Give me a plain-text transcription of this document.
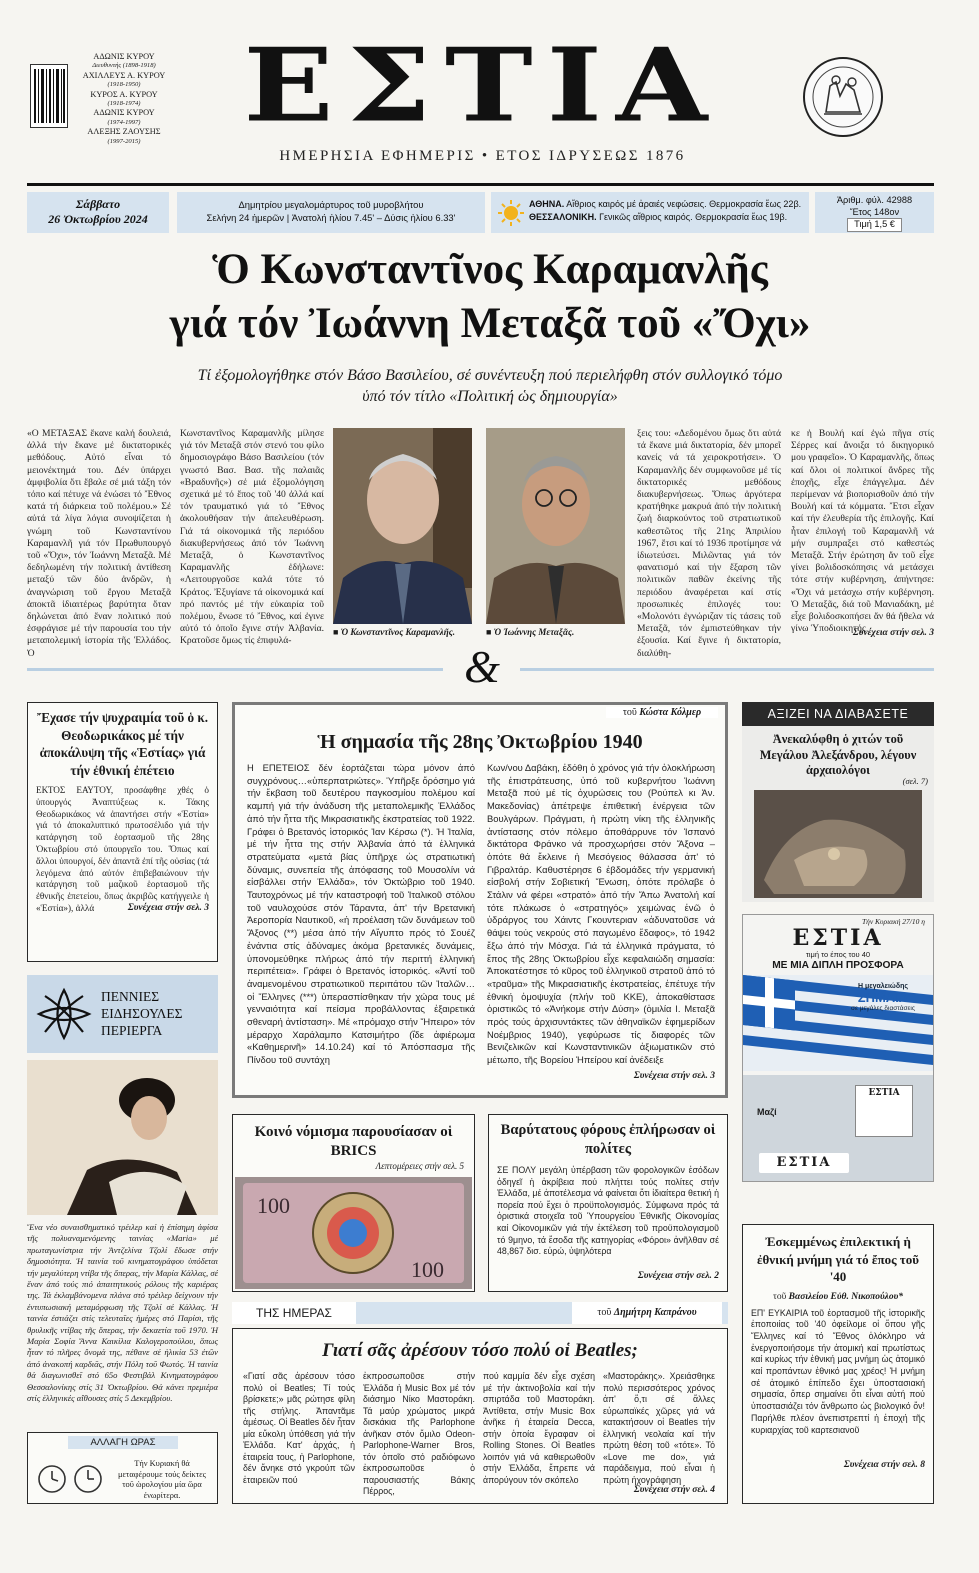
ΑΔΩΝΙΣ ΚΥΡΟΥ
Διευθυντής (1898-1918)
ΑΧΙΛΛΕΥΣ Α. ΚΥΡΟΥ
(1918-1950)
ΚΥΡΟΣ Α. ΚΥΡΟΥ
(1918-1974)
ΑΔΩΝΙΣ ΚΥΡΟΥ
(1974-1997)
ΑΛΕΞΗΣ ΖΑΟΥΣΗΣ
(1997-2015) ΕΣΤΙΑ
ΗΜΕΡΗΣΙΑ ΕΦΗΜΕΡΙΣ • ΕΤΟΣ ΙΔΡΥΣΕΩΣ 1876
Σάββατο
26 Ὀκτωβρίου 2024
Δημητρίου μεγαλομάρτυρος τοῦ μυροβλήτου
Σελήνη 24 ἡμερῶν | Ἀνατολή ἡλίου 7.45' – Δύσις ἡλίου 6.33'
ΑΘΗΝΑ. Αἴθριος καιρός μέ ἀραιές νεφώσεις. Θερμοκρασία ἕως 22β.
ΘΕΣΣΑΛΟΝΙΚΗ. Γενικῶς αἴθριος καιρός. Θερμοκρασία ἕως 19β.
Ἀριθμ. φύλ. 42988
Ἔτος 148ον
Τιμή 1,5 €
Ὁ Κωνσταντῖνος Καραμανλῆς
γιά τόν Ἰωάννη Μεταξᾶ τοῦ «Ὄχι»
Τί ἐξομολογήθηκε στόν Βάσο Βασιλείου, σέ συνέντευξη πού περιελήφθη στόν συλλογικό τόμο
ὑπό τόν τίτλο «Πολιτική ὡς δημιουργία»

«Ο ΜΕΤΑΞΑΣ ἔκανε καλή δουλειά, ἀλλά τήν ἔκανε μέ δικτατορικές μεθόδους. Αὐτό εἶναι τό μειονέκτημά του. Δέν ὑπάρχει ἀμφιβολία ὅτι ἔβαλε σέ μιά τάξη τόν τόπο καί πέτυχε νά ἐνώσει τό Ἔθνος κατά τή διάρκεια τοῦ πολέμου.» Σέ αὐτά τά λίγα λόγια συνοψίζεται ἡ γνώμη τοῦ Κωνσταντίνου Καραμανλῆ γιά τόν Πρωθυπουργό τοῦ «Ὄχι», τόν Ἰωάννη Μεταξᾶ. Μέ δεδηλωμένη τήν πολιτική ἀντίθεση μεταξύ τῶν δύο ἀνδρῶν, ἡ ἀναγνώριση τοῦ ἔργου Μεταξᾶ ἀποκτᾶ ἰδιαιτέρως βαρύτητα ὅταν δηλώνεται ἀπό ἕναν πολιτικό πού ἐσφράγισε μέ τήν παρουσία του τήν μεταπολεμική ἱστορία τῆς Ἑλλάδος. Ὁ

Κωνσταντῖνος Καραμανλῆς μίλησε γιά τόν Μεταξᾶ στόν στενό του φίλο δημοσιογράφο Βάσο Βασιλείου (τόν γνωστό Βασ. Βασ. τῆς παλαιᾶς «Βραδυνῆς») σέ μιά ἐξομολόγηση σχετικά μέ τό ἔπος τοῦ '40 ἀλλά καί τόν τραυματικό γιά τό Ἔθνος ἀκολουθήσαν τήν ἀπελευθέρωση. Γιά τά οἰκονομικά τῆς περιόδου διακυβερνήσεως ἀπό τόν Ἰωάννη Μεταξᾶ, ὁ Κωνσταντῖνος Καραμανλῆς ἐδήλωνε: «Λειτουργοῦσε καλά τότε τό Κράτος. Ἐξυγίανε τά οἰκονομικά καί πρό παντός μέ τήν εὐκαιρία τοῦ πολέμου, ἕνωσε τό Ἔθνος, καί ἐγινε αὐτό τό ὁποῖο ἔγινε στήν Ἀλβανία. Κρατοῦσε ὅμως τίς ἐπιφυλά-

■ Ὁ Κωνσταντῖνος Καραμανλῆς.	■ Ὁ Ἰωάννης Μεταξᾶς.

ξεις του: «Δεδομένου ὅμως ὅτι αὐτά τά ἔκανε μιά δικτατορία, δέν μπορεῖ κανείς νά τά χειροκροτήσει». Ὁ Καραμανλῆς δέν συμφωνοῦσε μέ τίς δικτατορικές μεθόδους διακυβερνήσεως. Ὅπως ἀργότερα κρατήθηκε μακρυά ἀπό τήν πολιτική ζωή διαρκούντος τοῦ στρατιωτικοῦ καθεστῶτος τῆς 21ης Ἀπριλίου 1967, ἔτσι καί τό 1936 προτίμησε νά ἰδιωτεύσει. Μιλῶντας γιά τόν φανατισμό καί τήν ἔξαρση τῶν πολιτικῶν παθῶν ἐκείνης τῆς περιόδου ἀναφέρεται καί στίς προσωπικές ἐπιλογές του: «Μολονότι ἐγνώριζαν τίς τάσεις τοῦ Μεταξᾶ, τόν ἐμπιστεύθηκαν τήν ἐξουσία. Καί ἔγινε ἡ δικτατορία, διαλύθη-

κε ἡ Βουλή καί ἐγώ πῆγα στίς Σέρρες καί ἄνοιξα τό δικηγορικό μου γραφεῖο». Ὁ Καραμανλῆς, ὅπως καί ὅλοι οἱ πολιτικοί ἄνδρες τῆς ἐποχῆς, εἶχε ἐπάγγελμα. Δέν περίμεναν νά βιοπορισθοῦν ἀπό τήν Βουλή καί τά κόμματα. Ἔτσι εἶχαν καί τήν ἐλευθερία τῆς ἐπιλογῆς. Καί ἦταν ἐπιλογή τοῦ Καραμανλῆ νά μήν συμπραξει στό καθεστώς Μεταξᾶ. Στήν ἐρώτηση ἄν τοῦ εἶχε γίνει βολιδοσκόπησις νά μετάσχει τότε στήν κυβέρνηση, ἀπήντησε: «Ὄχι νά μετάσχω στήν κυβέρνηση. Ὁ Μεταξᾶς, διά τοῦ Μανιαδάκη, μέ εἶχε βολιδοσκοπήσει ἄν θά ἤθελα νά γίνω Ὑποδιοικητής

Συνέχεια στήν σελ. 3
&
Ἔχασε τήν ψυχραιμία τοῦ ὁ κ. Θεοδωρικάκος μέ τήν ἀποκάλυψη τῆς «Ἑστίας» γιά τήν ἐθνική ἐπέτειο

ΕΚΤΟΣ ΕΑΥΤΟΥ, προσάφθηε χθές ὁ ὑπουργός Ἀναπτύξεως κ. Τάκης Θεοδωρικάκος νά ἀπαντήσει στήν «Ἑστία» γιά τό ἀποκαλυπτικό πρωτοσέλιδο γιά τήν κατάργηση τοῦ ἑορτασμοῦ τῆς 28ης Ὀκτωβρίου στό ὑπουργεῖο του. Ὅπως καί ἄλλοι ὑπουργοί, δέν ἀπαντᾶ ἐπί τῆς οὐσίας (τά λεγόμενα ἀπό αὐτόν ἐπιβεβαιώνουν τήν κατάργηση τοῦ μαζικοῦ ἑορτασμοῦ τῆς ἐθνικῆς ἐπετείου, ὅπως ἀκριβῶς κατήγγειλε ἡ «Ἑστία»), ἀλλά	Συνέχεια στήν σελ. 3
ΠΕΝΝΙΕΣ
ΕΙΔΗΣΟΥΛΕΣ
ΠΕΡΙΕΡΓΑ

Ἕνα νέο συναισθηματικό τρέιλερ καί ἡ ἐπίσημη ἀφίσα τῆς πολυαναμενόμενης ταινίας «Maria» μέ πρωταγωνίστρια τήν Ἀντζελίνα Τζολί ἔδωσε στήν δημοσιότητα. Ἡ ταινία τοῦ κινηματογράφου ὑπόδεται τήν μεγαλύτερη ντίβα τῆς ὄπερας, τήν Μαρία Κάλλας, σέ ἕναν ἀπό τούς πιό ἀπαιτητικούς ρόλους τῆς καριέρας της. Τά ἐκλαμβάνομενα πλάνα στό τρέιλερ δείχνουν τήν ἐντυπωσιακή μεταμόρφωση τῆς Τζολί σέ Κάλλας. Ἡ ταινία ἐστιάζει στίς τελευταῖες ἡμέρες στό Παρίσι, τῆς θρυλικῆς ντίβας τῆς ὄπερας, τήν δεκαετία τοῦ 1970. Ἡ Μαρία Σοφία Ἄννα Καικίλια Καλογεροπούλου, ὅπως ἦταν τό πλῆρες ὄνομά της, πέθανε σέ ἡλικία 53 ἐτῶν ἀπό ἀνακοπή καρδιᾶς, στήν Πόλη τοῦ Φωτός. Ἡ ταινία θά διαγωνισθεῖ στό 65ο Φεστιβάλ Κινηματογράφου Θεσσαλονίκης στίς 31 Ὀκτωβρίου. Θά κάνει πρεμιέρα στίς ἑλληνικές αἴθουσες στίς 5 Δεκεμβρίου.

ΑΛΛΑΓΗ ΩΡΑΣ
Τήν Κυριακή θά μεταφέρουμε τούς δείκτες τοῦ ὡρολογίου μία ὥρα ἐνωρίτερα.
τοῦ Κώστα Κόλμερ
Ἡ σημασία τῆς 28ης Ὀκτωβρίου 1940

Η ΕΠΕΤΕΙΟΣ δέν ἑορτάζεται τώρα μόνον ἀπό συγχρόνους…«ὑπερπατριώτες». Ὑπῆρξε ὄρόσημο γιά τήν ἔκβαση τοῦ δευτέρου παγκοσμίου πολέμου καί καμπή γιά τήν ἀνάδυση τῆς μεταπολεμικῆς Ἑλλάδος ἀπό τήν ἧττα τῆς Μικρασιατικῆς ἐκστρατείας τοῦ 1922. Γράφει ὁ Βρετανός ἱστορικός Ἰαν Κέρσω (*). Ἡ Ἰταλία, μέ τήν ἧττα της στήν Ἀλβανία ἀπό τά ἑλληνικά στρατεύματα «μετά βίας ὑπῆρχε ὡς στρατιωτική δύναμις, συνεπεία τῆς ἀπόφασης τοῦ Μουσολίνι νά εἰσβάλλει στήν Ἑλλάδα», τόν Ὀκτώβριο τοῦ 1940. Ταυτοχρόνως μέ τήν καταστροφή τοῦ Ἰταλικοῦ στόλου τοῦ ναυλοχούσε στόν Τάραντα, ἀπ' τήν Βρετανική Ἀεροπορία Ναυτικοῦ, «ἡ προέλαση τῶν δυνάμεων τοῦ Ἄξονος (**) μέσα ἀπό τήν Αἴγυπτο πρός τό Σουέζ ἐνάντια στίς ἀδύναμες ἀκόμα βρετανικές δυνάμεις, ὑπονομεύθηκε πλήρως ἀπό τήν περιττή ἑλληνική περιπέτεια». Γράφει ὁ Βρετανός ἱστορικός. «Ἀντί τοῦ ἀναμενομένου στρατιωτικοῦ περιπάτου τῶν Ἰταλῶν… οἱ Ἕλληνες (***) ὑπερασπίσθηκαν τήν χώρα τους μέ γενναιότητα καί πείσμα προβάλλοντας ἐξαιρετικά σθεναρή ἀντίσταση». Μέ «πρόμαχο στήν Ἤπειρο» τόν μέραρχο Χαράλαμπο Κατσιμήτρο (ἴδε ἀφιέρωμα «Καθημερινῆ» 14.10.24) καί τό Ἀπόσπασμα τῆς Πίνδου τοῦ συντάχη

Κων/νου Δαβάκη, ἐδόθη ὁ χρόνος γιά τήν ὁλοκλήρωση τῆς ἐπιστράτευσης, ὑπό τοῦ κυβερνήτου Ἰωάννη Μεταξᾶ πού μέ τίς ὀχυρώσεις του (Ρούπελ κι Ἀν. Μακεδονίας) ἀπέτρεψε ἐπιθετική ἐνέργεια τῶν Βουλγάρων. Πράγματι, ἡ πρώτη νίκη τῆς ἑλληνικῆς ἀντίστασης στόν πόλεμο ἀποθάρρυνε τόν Ἰσπανό δικτάτορα Φράνκο νά προσχωρήσει στόν Ἄξονα –ὁπότε θά ἔκλεινε ἡ Μεσόγειος θάλασσα ἀπ' τό Γιβραλτάρ. Καθυστέρησε 6 ἑβδομάδες τήν γερμανική εἰσβολή στήν Σοβιετική Ἕνωση, ὁπότε πρόλαβε ὁ Στάλιν νά φέρει «στρατό» ἀπό τήν Ἄπω Ἀνατολή καί τότε πλάκωσε ὁ «στρατηγός» χειμώνας ἐνῶ ὁ ὑδράργος του Χάιντς Γκουντεριαν «ἀδυνατοῦσε νά θάψει τούς νεκρούς στό παγωμένο ἔδαφος», τό 1942 ἔξω ἀπό τήν Μόσχα. Γιά τά ἑλληνικά πράγματα, τό ἔπος τῆς 28ης Ὀκτωβρίου εἶχε κεφαλαιώδη σημασία: Ἀποκατέστησε τό κῦρος τοῦ ἑλληνικοῦ στρατοῦ ἀπό τό «τραῦμα» τῆς Μικρασιατικῆς ἐκστρατείας, ἐπέτυχε τήν ἐθνική ὁμοψυχία (πλήν τοῦ ΚΚΕ), ἀποκαθίστασε ὁριστικῶς τό «Ἀνήκομε στήν Δύση» (ὁμιλία Ι. Μεταξᾶ πρός τούς ἀρχισυντάκτες τῶν ἀθηναϊκῶν ἐφημερίδων Νοέμβριος 1940), γεφύρωσε τίς διαφορές τῶν Βενιζελικῶν καί Κωνσταντινικῶν ἀξιωματικῶν στό μέτωπο, τῆς Βορείου Ἠπείρου καί ἀνέδειξε

Συνέχεια στήν σελ. 3
Κοινό νόμισμα παρουσίασαν οἱ BRICS
Λεπτομέρειες στήν σελ. 5
100
100
Βαρύτατους φόρους ἐπλήρωσαν οἱ πολίτες

ΣΕ ΠΟΛΥ μεγάλη ὑπέρβαση τῶν φορολογικῶν ἐσόδων ὁδηγεῖ ἡ ἀκρίβεια πού πλήττει τούς πολίτες στήν Ἑλλάδα, μέ ἀποτέλεσμα νά φαίνεται ὅτι ἰδιαίτερα θετική ἡ πορεία πού ἔχει ὁ προϋπολογισμός. Σύμφωνα πρός τά ὁριστικά στοιχεῖα τοῦ Ὑπουργείου Ἐθνικῆς Οἰκονομίας καί Οἰκονομικῶν γιά τήν ἐκτέλεση τοῦ προϋπολογισμοῦ τό 9μηνο, τά ἔσοδα τῆς κατηγορίας «Φόροι» ἀνῆλθαν σέ 48,867 δισ. εὐρώ, ὑψηλότερα

Συνέχεια στήν σελ. 2
ΤΗΣ ΗΜΕΡΑΣ	τοῦ Δημήτρη Καπράνου
Γιατί σᾶς ἀρέσουν τόσο πολύ οἱ Beatles;

«Γιατί σᾶς ἀρέσουν τόσο πολύ οἱ Beatles; Τί τούς βρίσκετε;» μᾶς ρώτησε φίλη τῆς στήλης. Ἀπαντᾶμε ἀμέσως. Οἱ Beatles δέν ἦταν μία εὔκολη ὑπόθεση γιά τήν Ἑλλάδα. Κατ' ἀρχάς, ἡ ἑταιρεία τους, ἡ Parlophone, δέν ἄνηκε στό γκρούπ τῶν ἑταιρειῶν πού

ἐκπροσωποῦσε στήν Ἑλλάδα ἡ Music Box μέ τόν διάσημο Νίκο Μαστοράκη. Τά μαύρ χρώματος μικρά δισκάκια τῆς Parlophone ἀνῆκαν στόν ὅμιλο Odeon-Parlophone-Warner Bros, τόν ὁποῖο στό ραδιόφωνο ἐκπροσωποῦσε ὁ παρουσιαστής Βάκης Πέρρος,

πού καμμία δέν εἶχε σχέση μέ τήν ἀκτινοβολία καί τήν σπιρτάδα τοῦ Μαστοράκη. Ἀντίθετα, στήν Music Box ἀνῆκε ἡ ἑταιρεία Decca, στήν ὁποία ἔγραφαν οἱ Rolling Stones. Οἱ Beatles λοιπόν γιά νά καθιερωθοῦν στήν Ἑλλάδα, ἔπρεπε νά ἀπορύγουν τόν σκόπελο

«Μαστοράκης». Χρειάσθηκε πολύ περισσότερος χρόνος ἀπ' ὅ,τι σέ ἄλλες εὐρωπαϊκές χῶρες γιά νά κατακτήσουν οἱ Beatles τήν ἑλληνική νεολαία καί τήν πρώτη θέση τοῦ «τότε». Τό «Love me do», γιά παράδειγμα, πού εἶναι ἡ πρώτη ἠχογράφηση

Συνέχεια στήν σελ. 4
ΑΞΙΖΕΙ ΝΑ ΔΙΑΒΑΣΕΤΕ
Ἀνεκαλύφθη ὁ χιτών τοῦ Μεγάλου Ἀλεξάνδρου, λέγουν ἀρχαιολόγοι
(σελ. 7)
Τήν Κυριακή 27/10 η
ΕΣΤΙΑ
τιμή το έπος του 40
ΜΕ ΜΙΑ ΔΙΠΛΗ ΠΡΟΣΦΟΡΑ
Η μεγαλειώδης
ΣΗΜΑΙΑ
σε μεγάλες διαστάσεις
Μαζί
ΕΣΤΙΑ
ΕΣΤΙΑ
Ἐσκεμμένως ἐπιλεκτική ἡ ἐθνική μνήμη γιά τό ἔπος τοῦ '40
τοῦ Βασιλείου Εὐθ. Νικοπούλου*

ΕΠ' ΕΥΚΑΙΡΙΑ τοῦ ἑορτασμοῦ τῆς ἱστορικῆς ἐποποιίας τοῦ '40 ὀφείλομε οἱ ὅπου γῆς Ἕλληνες καί τό Ἔθνος ὁλόκληρο νά ἐνεργοποιήσομε τήν ἀτομική καί πρωτίστως καί κυρίως τήν ἐθνική μας μνήμη ὡς ἀτομικό καί προπάντων ἐθνικό μας χρέος! Ἡ μνήμη σέ ἀτομικό ἐπίπεδο ἔχει ὑποστασιακή σημασία, ὅπερ σημαίνει ὅτι εἶναι αὐτή πού ὑποστασιάζει τόν ἄνθρωπο ὡς βιολογικό ὄν! Παρήλθε πλέον ἀνεπιστρεπτί ἡ ἐποχή τῆς κυριαρχίας τοῦ καρτεσιανοῦ

Συνέχεια στήν σελ. 8
